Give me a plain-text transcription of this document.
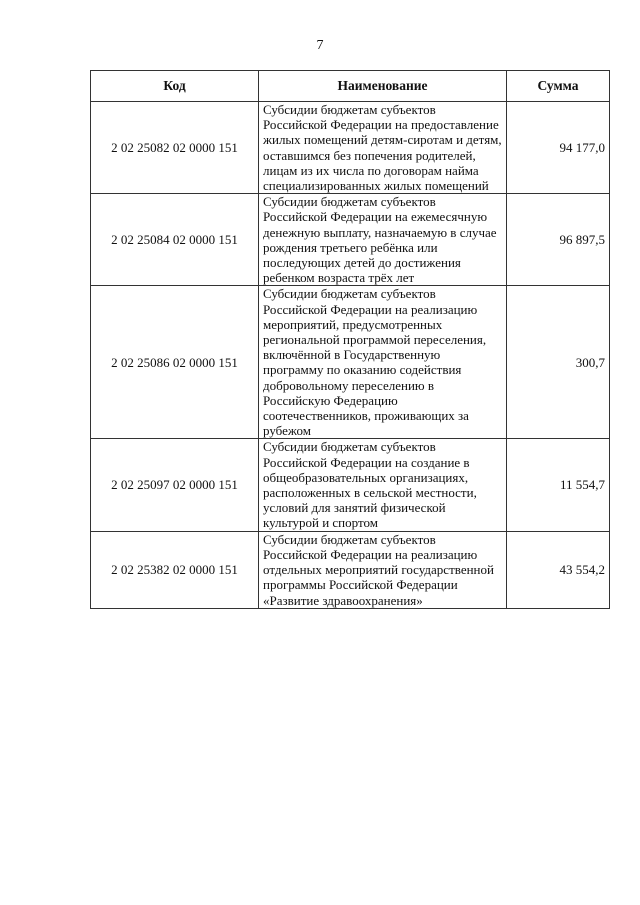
7
Код	Наименование	Сумма
2 02 25082 02 0000 151	Субсидии бюджетам субъектов Российской Федерации на предоставление жилых помещений детям-сиротам и детям, оставшимся без попечения родителей, лицам из их числа по договорам найма специализированных жилых помещений	94 177,0
2 02 25084 02 0000 151	Субсидии бюджетам субъектов Российской Федерации на ежемесячную денежную выплату, назначаемую в случае рождения третьего ребёнка или последующих детей до достижения ребенком возраста трёх лет	96 897,5
2 02 25086 02 0000 151	Субсидии бюджетам субъектов Российской Федерации на реализацию мероприятий, предусмотренных региональной программой переселения, включённой в Государственную программу по оказанию содействия добровольному переселению в Российскую Федерацию соотечественников, проживающих за рубежом	300,7
2 02 25097 02 0000 151	Субсидии бюджетам субъектов Российской Федерации на создание в общеобразовательных организациях, расположенных в сельской местности, условий для занятий физической культурой и спортом	11 554,7
2 02 25382 02 0000 151	Субсидии бюджетам субъектов Российской Федерации на реализацию отдельных мероприятий государственной программы Российской Федерации «Развитие здравоохранения»	43 554,2
